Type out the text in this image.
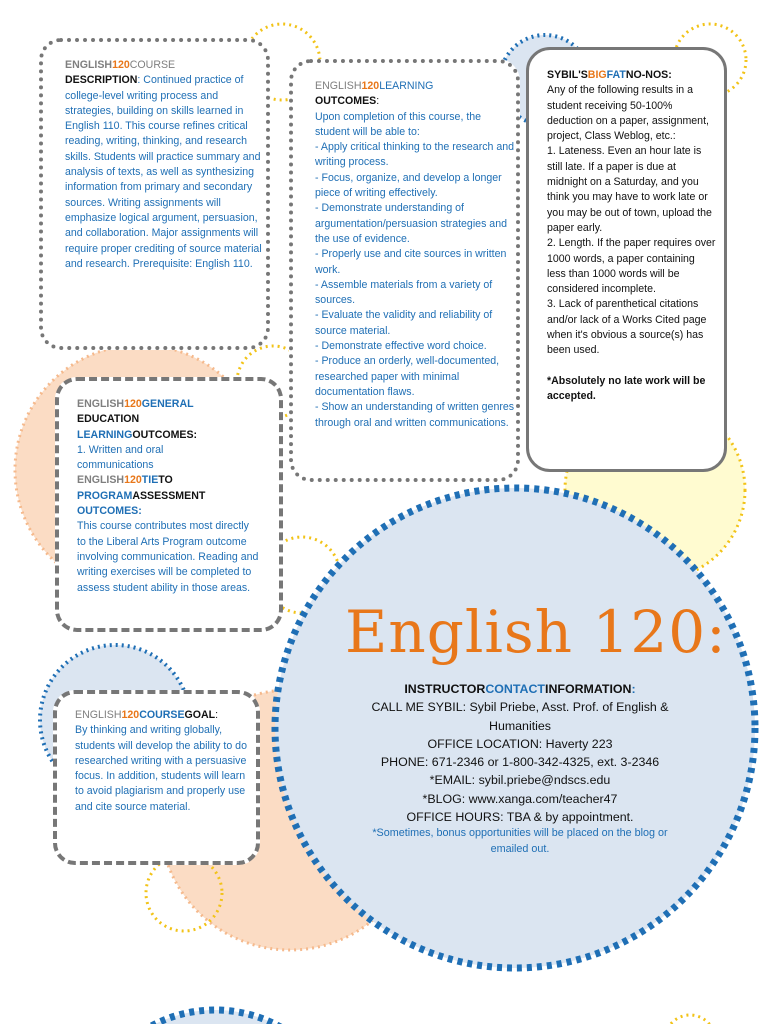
ENGLISH120COURSE
DESCRIPTION: Continued practice of college-level writing process and strategies, building on skills learned in English 110. This course refines critical reading, writing, thinking, and research skills. Students will practice summary and analysis of texts, as well as synthesizing information from primary and secondary sources. Writing assignments will emphasize logical argument, persuasion, and collaboration. Major assignments will require proper crediting of source material and research. Prerequisite: English 110.

ENGLISH120LEARNING
OUTCOMES:

Upon completion of this course, the student will be able to:

- Apply critical thinking to the research and writing process.

- Focus, organize, and develop a longer piece of writing effectively.

- Demonstrate understanding of argumentation/persuasion strategies and the use of evidence.

- Properly use and cite sources in written work.

- Assemble materials from a variety of sources.

- Evaluate the validity and reliability of source material.

- Demonstrate effective word choice.

- Produce an orderly, well-documented, researched paper with minimal documentation flaws.

- Show an understanding of written genres through oral and written communications.

SYBIL'SBIGFATNO-NOS:

Any of the following results in a student receiving 50-100% deduction on a paper, assignment, project, Class Weblog, etc.:

1. Lateness. Even an hour late is still late. If a paper is due at midnight on a Saturday, and you think you may have to work late or you may be out of town, upload the paper early.

2. Length. If the paper requires over 1000 words, a paper containing less than 1000 words will be considered incomplete.

3. Lack of parenthetical citations and/or lack of a Works Cited page when it's obvious a source(s) has been used.

*Absolutely no late work will be accepted.

ENGLISH120GENERAL
EDUCATION
LEARNINGOUTCOMES:

1. Written and oral communications

ENGLISH120TIETO
PROGRAMASSESSMENT
OUTCOMES:

This course contributes most directly to the Liberal Arts Program outcome involving communication. Reading and writing exercises will be completed to assess student ability in those areas.

ENGLISH120COURSEGOAL:

By thinking and writing globally, students will develop the ability to do researched writing with a persuasive focus. In addition, students will learn to avoid plagiarism and properly use and cite source material.

English 120:

INSTRUCTORCONTACTINFORMATION:

CALL ME SYBIL: Sybil Priebe, Asst. Prof. of English & Humanities

OFFICE LOCATION: Haverty 223

PHONE: 671-2346 or 1-800-342-4325, ext. 3-2346

*EMAIL: sybil.priebe@ndscs.edu

*BLOG: www.xanga.com/teacher47

OFFICE HOURS: TBA & by appointment.

*Sometimes, bonus opportunities will be placed on the blog or emailed out.
